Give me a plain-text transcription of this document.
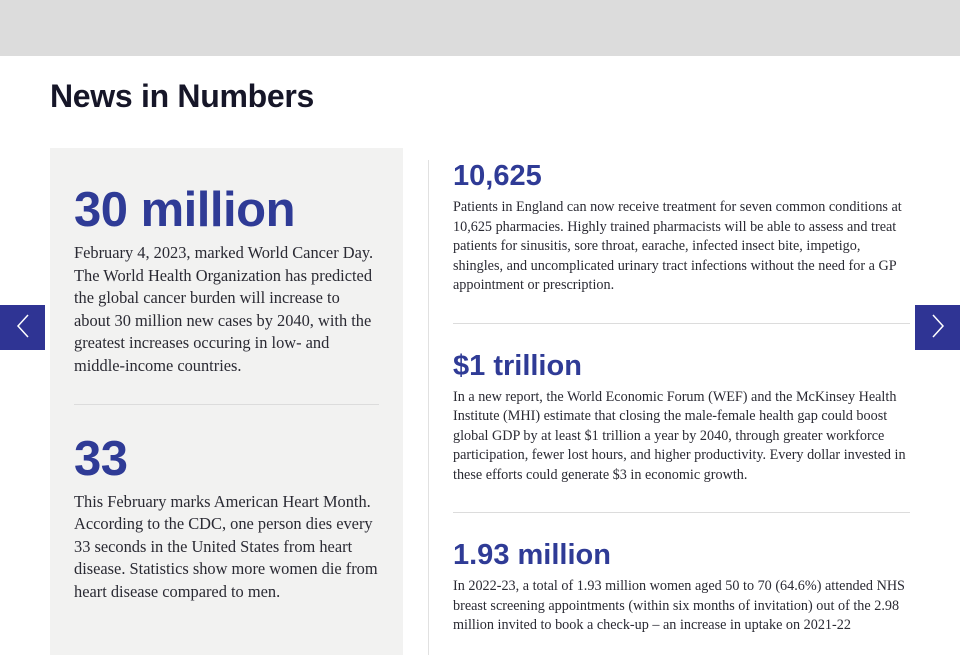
News in Numbers
30 million

February 4, 2023, marked World Cancer Day. The World Health Organization has predicted the global cancer burden will increase to about 30 million new cases by 2040, with the greatest increases occuring in low- and middle-income countries.

33

This February marks American Heart Month. According to the CDC, one person dies every 33 seconds in the United States from heart disease. Statistics show more women die from heart disease compared to men.

10,625

Patients in England can now receive treatment for seven common conditions at 10,625 pharmacies. Highly trained pharmacists will be able to assess and treat patients for sinusitis, sore throat, earache, infected insect bite, impetigo, shingles, and uncomplicated urinary tract infections without the need for a GP appointment or prescription.

$1 trillion

In a new report, the World Economic Forum (WEF) and the McKinsey Health Institute (MHI) estimate that closing the male-female health gap could boost global GDP by at least $1 trillion a year by 2040, through greater workforce participation, fewer lost hours, and higher productivity. Every dollar invested in these efforts could generate $3 in economic growth.

1.93 million

In 2022-23, a total of 1.93 million women aged 50 to 70 (64.6%) attended NHS breast screening appointments (within six months of invitation) out of the 2.98 million invited to book a check-up – an increase in uptake on 2021-22
